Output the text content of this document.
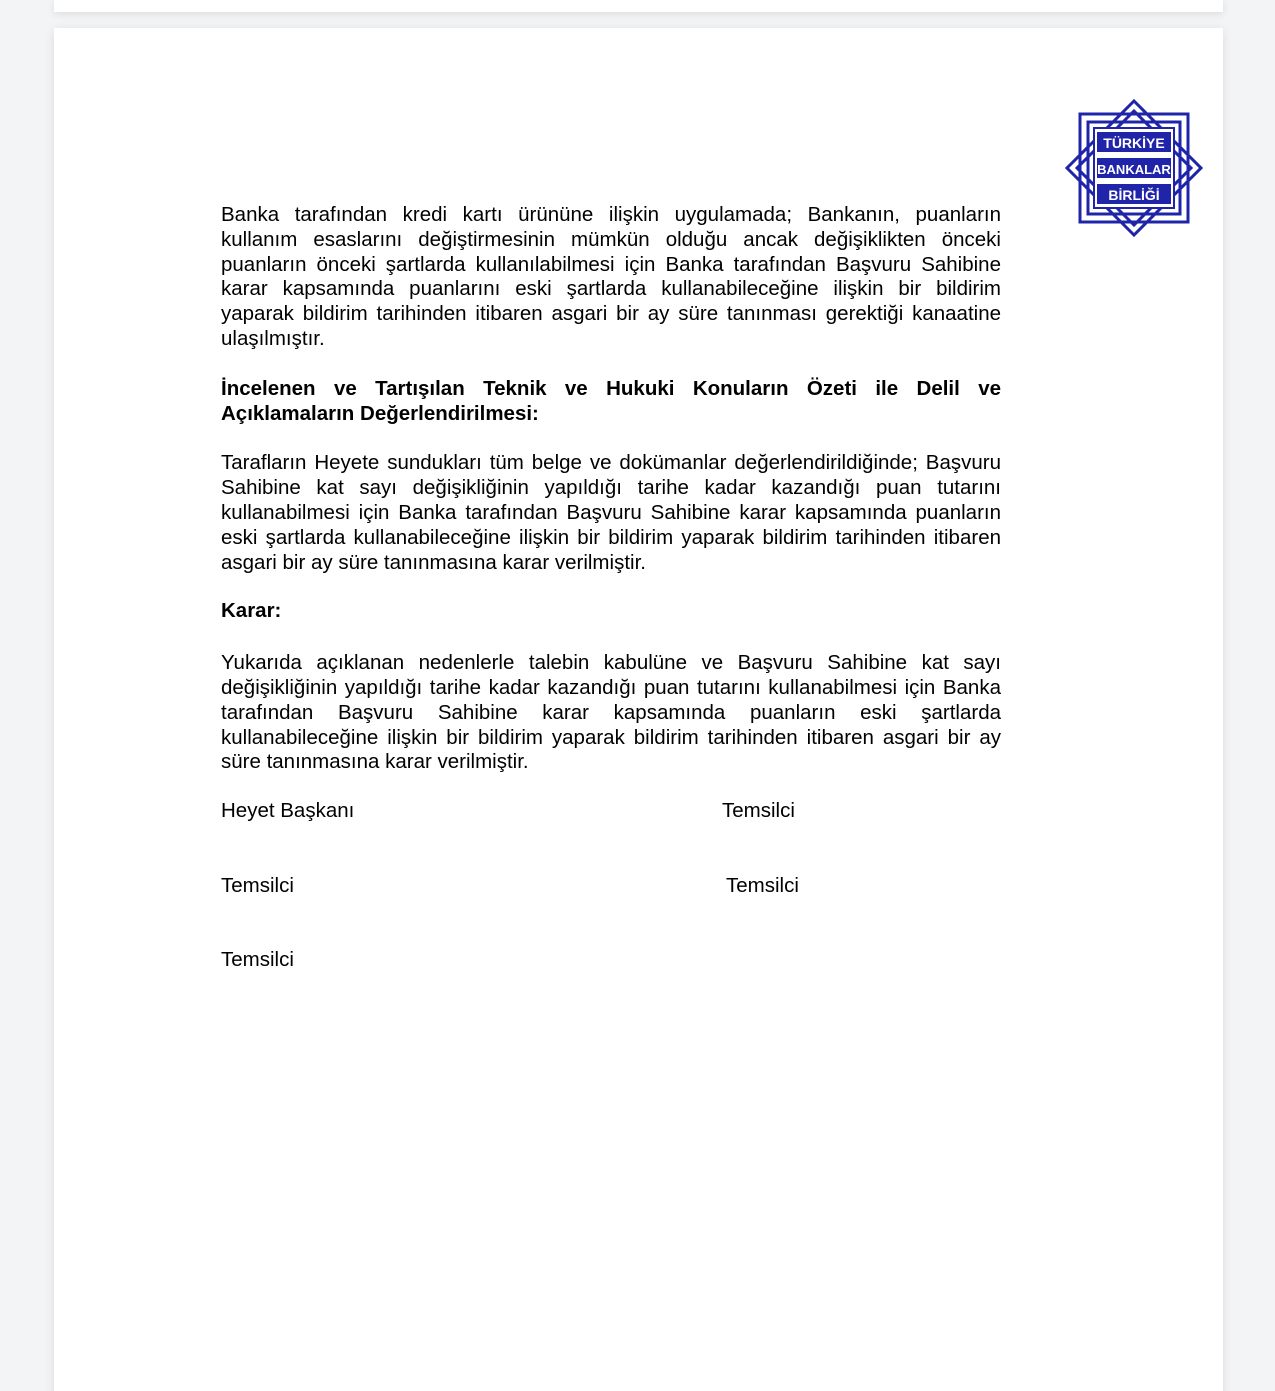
TÜRKİYE
BANKALAR
BİRLİĞİ

Banka tarafından kredi kartı ürününe ilişkin uygulamada; Bankanın, puanların kullanım esaslarını değiştirmesinin mümkün olduğu ancak değişiklikten önceki puanların önceki şartlarda kullanılabilmesi için Banka tarafından Başvuru Sahibine karar kapsamında puanlarını eski şartlarda kullanabileceğine ilişkin bir bildirim yaparak bildirim tarihinden itibaren asgari bir ay süre tanınması gerektiği kanaatine ulaşılmıştır.

İncelenen ve Tartışılan Teknik ve Hukuki Konuların Özeti ile Delil ve Açıklamaların Değerlendirilmesi:

Tarafların Heyete sundukları tüm belge ve dokümanlar değerlendirildiğinde; Başvuru Sahibine kat sayı değişikliğinin yapıldığı tarihe kadar kazandığı puan tutarını kullanabilmesi için Banka tarafından Başvuru Sahibine karar kapsamında puanların eski şartlarda kullanabileceğine ilişkin bir bildirim yaparak bildirim tarihinden itibaren asgari bir ay süre tanınmasına karar verilmiştir.

Karar:

Yukarıda açıklanan nedenlerle talebin kabulüne ve Başvuru Sahibine kat sayı değişikliğinin yapıldığı tarihe kadar kazandığı puan tutarını kullanabilmesi için Banka tarafından Başvuru Sahibine karar kapsamında puanların eski şartlarda kullanabileceğine ilişkin bir bildirim yaparak bildirim tarihinden itibaren asgari bir ay süre tanınmasına karar verilmiştir.

Heyet Başkanı	Temsilci
Temsilci	Temsilci
Temsilci
